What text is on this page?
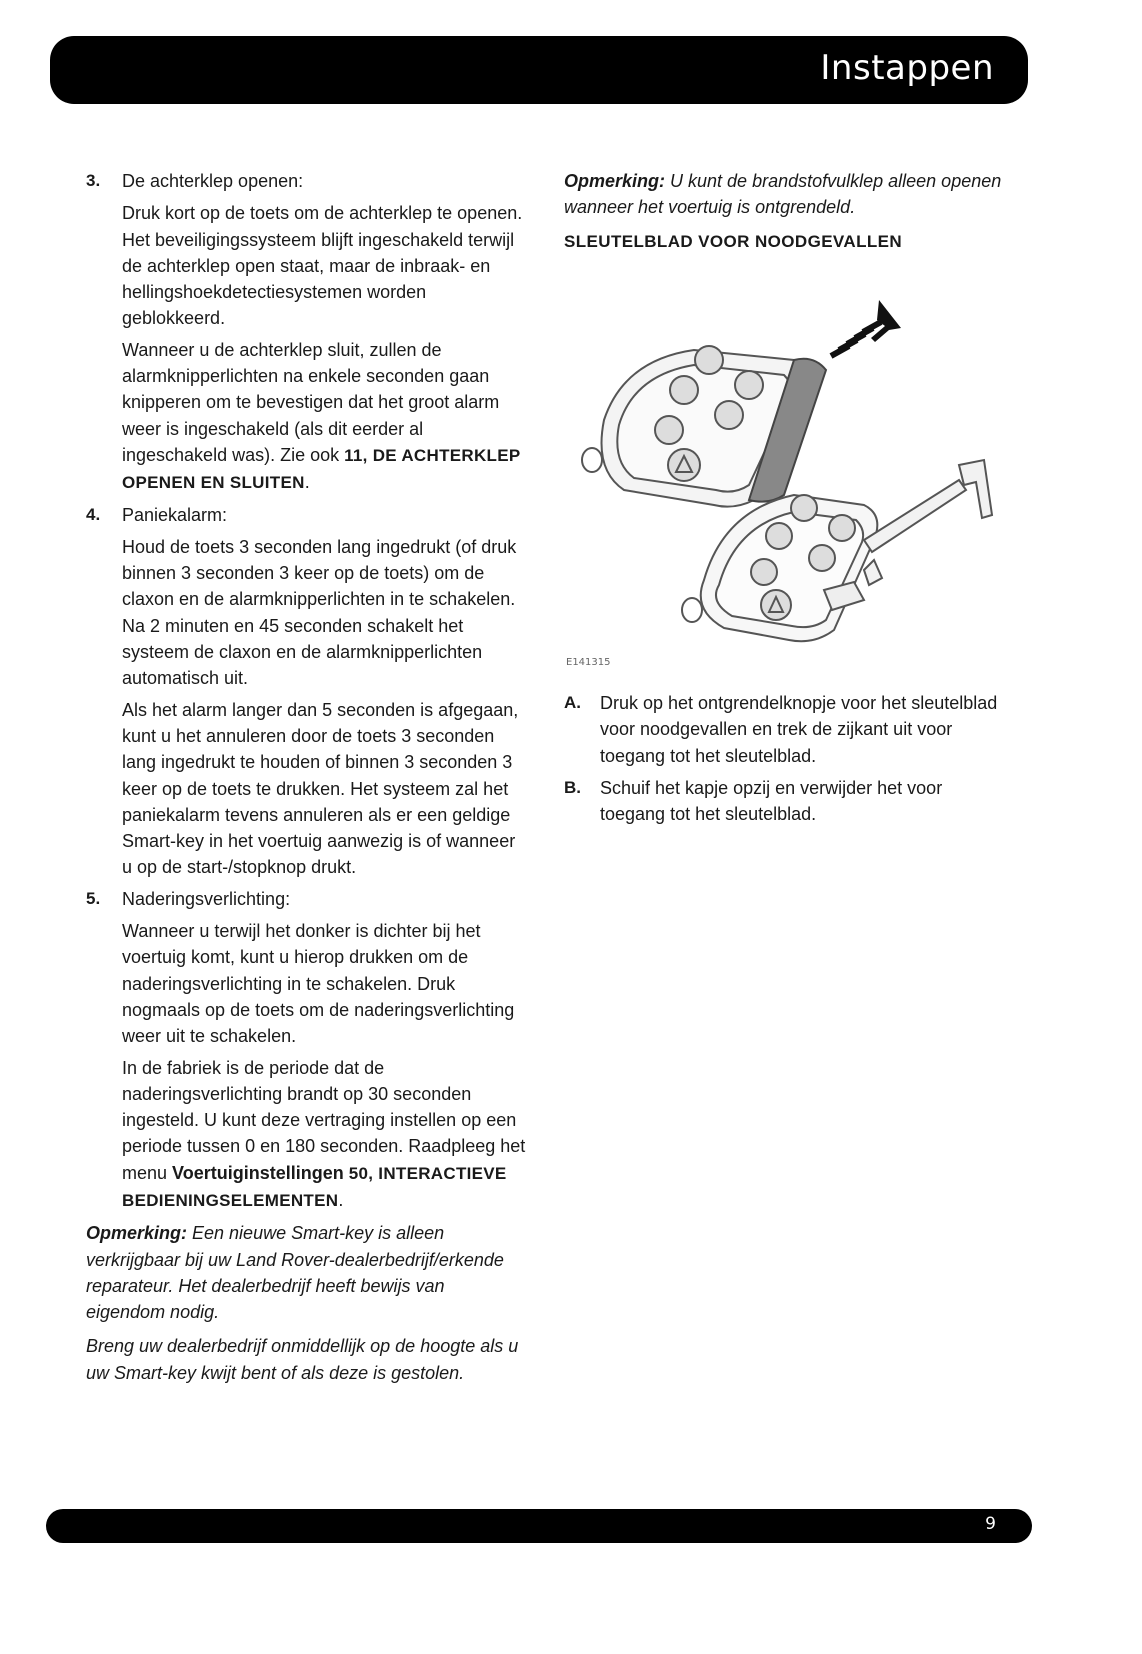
Instappen
3. De achterklep openen:

Druk kort op de toets om de achterklep te openen. Het beveiligingssysteem blijft ingeschakeld terwijl de achterklep open staat, maar de inbraak- en hellingshoekdetectiesystemen worden geblokkeerd.

Wanneer u de achterklep sluit, zullen de alarmknipperlichten na enkele seconden gaan knipperen om te bevestigen dat het groot alarm weer is ingeschakeld (als dit eerder al ingeschakeld was). Zie ook 11, DE ACHTERKLEP OPENEN EN SLUITEN.

4. Paniekalarm:

Houd de toets 3 seconden lang ingedrukt (of druk binnen 3 seconden 3 keer op de toets) om de claxon en de alarmknipperlichten in te schakelen. Na 2 minuten en 45 seconden schakelt het systeem de claxon en de alarmknipperlichten automatisch uit.

Als het alarm langer dan 5 seconden is afgegaan, kunt u het annuleren door de toets 3 seconden lang ingedrukt te houden of binnen 3 seconden 3 keer op de toets te drukken. Het systeem zal het paniekalarm tevens annuleren als er een geldige Smart-key in het voertuig aanwezig is of wanneer u op de start-/stopknop drukt.

5. Naderingsverlichting:

Wanneer u terwijl het donker is dichter bij het voertuig komt, kunt u hierop drukken om de naderingsverlichting in te schakelen. Druk nogmaals op de toets om de naderingsverlichting weer uit te schakelen.

In de fabriek is de periode dat de naderingsverlichting brandt op 30 seconden ingesteld. U kunt deze vertraging instellen op een periode tussen 0 en 180 seconden. Raadpleeg het menu Voertuiginstellingen 50, INTERACTIEVE BEDIENINGSELEMENTEN.

Opmerking: Een nieuwe Smart-key is alleen verkrijgbaar bij uw Land Rover-dealerbedrijf/erkende reparateur. Het dealerbedrijf heeft bewijs van eigendom nodig.

Breng uw dealerbedrijf onmiddellijk op de hoogte als u uw Smart-key kwijt bent of als deze is gestolen.

Opmerking: U kunt de brandstofvulklep alleen openen wanneer het voertuig is ontgrendeld.

SLEUTELBLAD VOOR NOODGEVALLEN

E141315
A. Druk op het ontgrendelknopje voor het sleutelblad voor noodgevallen en trek de zijkant uit voor toegang tot het sleutelblad.

B. Schuif het kapje opzij en verwijder het voor toegang tot het sleutelblad.

9
